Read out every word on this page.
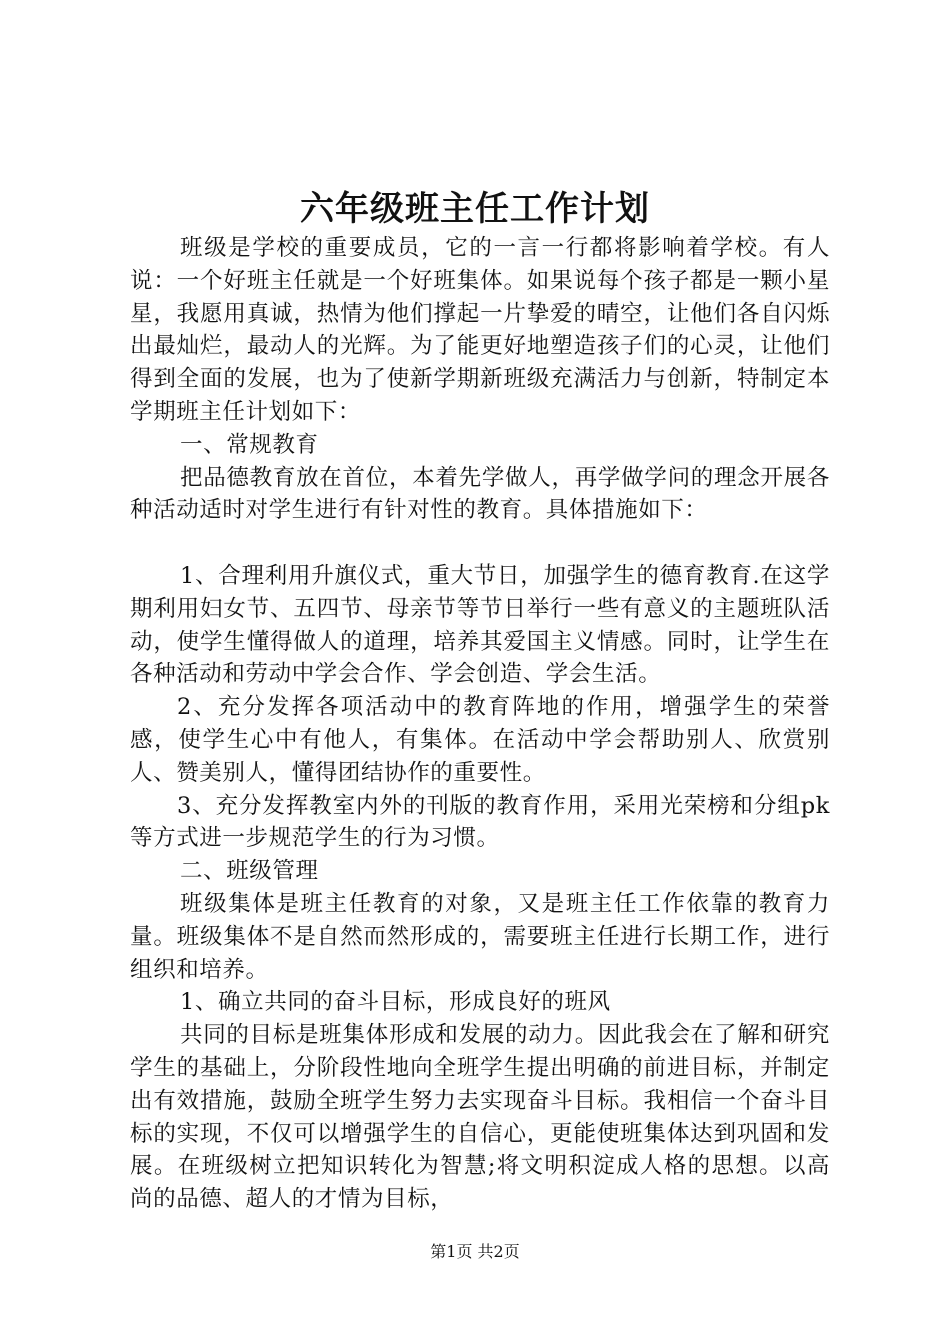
六年级班主任工作计划

班级是学校的重要成员，它的一言一行都将影响着学校。有人说：一个好班主任就是一个好班集体。如果说每个孩子都是一颗小星星，我愿用真诚，热情为他们撑起一片挚爱的晴空，让他们各自闪烁出最灿烂，最动人的光辉。为了能更好地塑造孩子们的心灵，让他们得到全面的发展，也为了使新学期新班级充满活力与创新，特制定本学期班主任计划如下：

一、常规教育

把品德教育放在首位，本着先学做人，再学做学问的理念开展各种活动适时对学生进行有针对性的教育。具体措施如下：

1、合理利用升旗仪式，重大节日，加强学生的德育教育.在这学期利用妇女节、五四节、母亲节等节日举行一些有意义的主题班队活动，使学生懂得做人的道理，培养其爱国主义情感。同时，让学生在各种活动和劳动中学会合作、学会创造、学会生活。

2、充分发挥各项活动中的教育阵地的作用，增强学生的荣誉感，使学生心中有他人，有集体。在活动中学会帮助别人、欣赏别人、赞美别人，懂得团结协作的重要性。

3、充分发挥教室内外的刊版的教育作用，采用光荣榜和分组pk等方式进一步规范学生的行为习惯。

二、班级管理

班级集体是班主任教育的对象，又是班主任工作依靠的教育力量。班级集体不是自然而然形成的，需要班主任进行长期工作，进行组织和培养。

1、确立共同的奋斗目标，形成良好的班风

共同的目标是班集体形成和发展的动力。因此我会在了解和研究学生的基础上，分阶段性地向全班学生提出明确的前进目标，并制定出有效措施，鼓励全班学生努力去实现奋斗目标。我相信一个奋斗目标的实现，不仅可以增强学生的自信心，更能使班集体达到巩固和发展。在班级树立把知识转化为智慧;将文明积淀成人格的思想。以高尚的品德、超人的才情为目标，

第1页 共2页
